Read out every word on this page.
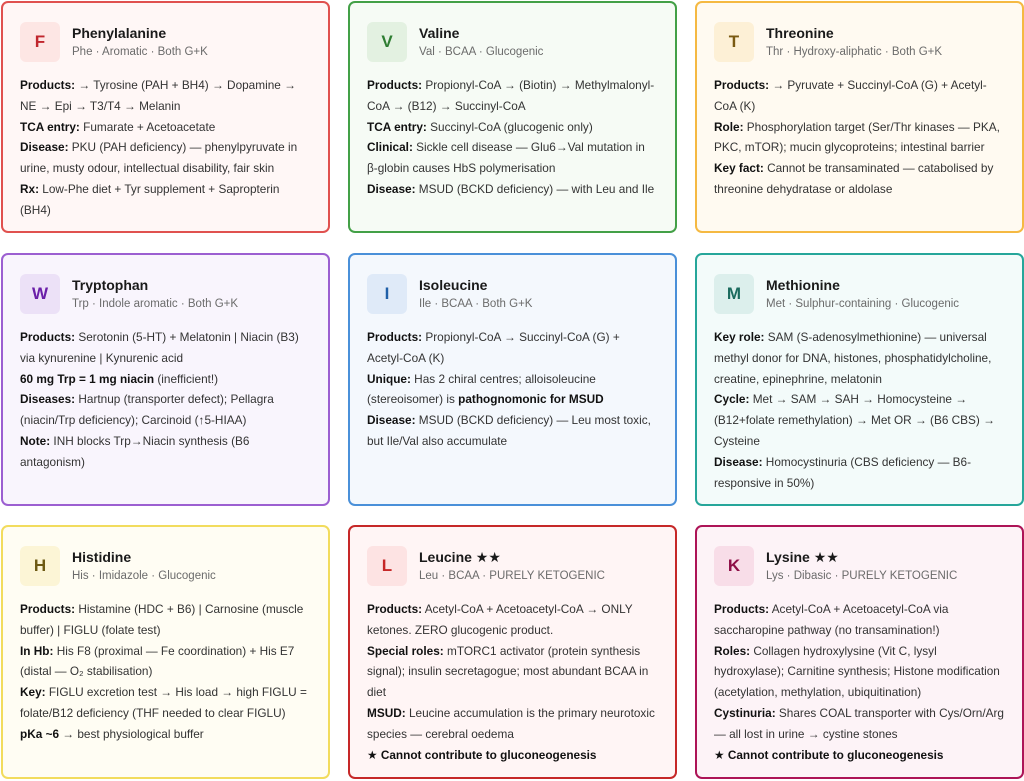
F	Phenylalanine
Phe · Aromatic · Both G+K

Products: → Tyrosine (PAH + BH4) → Dopamine → NE → Epi → T3/T4 → Melanin

TCA entry: Fumarate + Acetoacetate

Disease: PKU (PAH deficiency) — phenylpyruvate in urine, musty odour, intellectual disability, fair skin

Rx: Low-Phe diet + Tyr supplement + Sapropterin (BH4)

V	Valine
Val · BCAA · Glucogenic

Products: Propionyl-CoA → (Biotin) → Methylmalonyl-CoA → (B12) → Succinyl-CoA

TCA entry: Succinyl-CoA (glucogenic only)

Clinical: Sickle cell disease — Glu6→Val mutation in β-globin causes HbS polymerisation

Disease: MSUD (BCKD deficiency) — with Leu and Ile

T	Threonine
Thr · Hydroxy-aliphatic · Both G+K

Products: → Pyruvate + Succinyl-CoA (G) + Acetyl-CoA (K)

Role: Phosphorylation target (Ser/Thr kinases — PKA, PKC, mTOR); mucin glycoproteins; intestinal barrier

Key fact: Cannot be transaminated — catabolised by threonine dehydratase or aldolase

W	Tryptophan
Trp · Indole aromatic · Both G+K

Products: Serotonin (5-HT) + Melatonin | Niacin (B3) via kynurenine | Kynurenic acid

60 mg Trp = 1 mg niacin (inefficient!)

Diseases: Hartnup (transporter defect); Pellagra (niacin/Trp deficiency); Carcinoid (↑5-HIAA)

Note: INH blocks Trp→Niacin synthesis (B6 antagonism)

I	Isoleucine
Ile · BCAA · Both G+K

Products: Propionyl-CoA → Succinyl-CoA (G) + Acetyl-CoA (K)

Unique: Has 2 chiral centres; alloisoleucine (stereoisomer) is pathognomonic for MSUD

Disease: MSUD (BCKD deficiency) — Leu most toxic, but Ile/Val also accumulate

M	Methionine
Met · Sulphur-containing · Glucogenic

Key role: SAM (S-adenosylmethionine) — universal methyl donor for DNA, histones, phosphatidylcholine, creatine, epinephrine, melatonin

Cycle: Met → SAM → SAH → Homocysteine → (B12+folate remethylation) → Met OR → (B6 CBS) → Cysteine

Disease: Homocystinuria (CBS deficiency — B6-responsive in 50%)

H	Histidine
His · Imidazole · Glucogenic

Products: Histamine (HDC + B6) | Carnosine (muscle buffer) | FIGLU (folate test)

In Hb: His F8 (proximal — Fe coordination) + His E7 (distal — O₂ stabilisation)

Key: FIGLU excretion test → His load → high FIGLU = folate/B12 deficiency (THF needed to clear FIGLU)

pKa ~6 → best physiological buffer

L	Leucine ★★
Leu · BCAA · PURELY KETOGENIC

Products: Acetyl-CoA + Acetoacetyl-CoA → ONLY ketones. ZERO glucogenic product.

Special roles: mTORC1 activator (protein synthesis signal); insulin secretagogue; most abundant BCAA in diet

MSUD: Leucine accumulation is the primary neurotoxic species — cerebral oedema

★ Cannot contribute to gluconeogenesis

K	Lysine ★★
Lys · Dibasic · PURELY KETOGENIC

Products: Acetyl-CoA + Acetoacetyl-CoA via saccharopine pathway (no transamination!)

Roles: Collagen hydroxylysine (Vit C, lysyl hydroxylase); Carnitine synthesis; Histone modification (acetylation, methylation, ubiquitination)

Cystinuria: Shares COAL transporter with Cys/Orn/Arg — all lost in urine → cystine stones

★ Cannot contribute to gluconeogenesis
